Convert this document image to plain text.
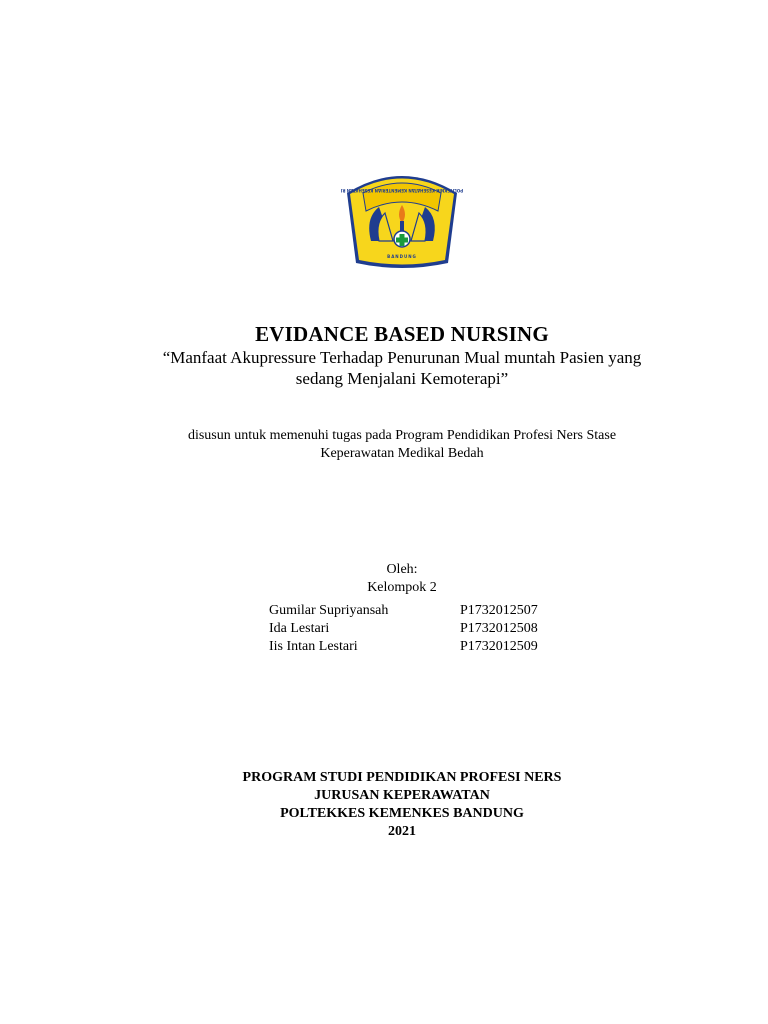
POLITEKNIK KESEHATAN KEMENTERIAN KESEHATAN RI
BANDUNG
EVIDANCE BASED NURSING
“Manfaat Akupressure Terhadap Penurunan Mual muntah Pasien yang
sedang Menjalani Kemoterapi”
disusun untuk memenuhi tugas pada Program Pendidikan Profesi Ners Stase
Keperawatan Medikal Bedah
Oleh:
Kelompok 2
Gumilar Supriyansah	P1732012507
Ida Lestari	P1732012508
Iis Intan Lestari	P1732012509
PROGRAM STUDI PENDIDIKAN PROFESI NERS
JURUSAN KEPERAWATAN
POLTEKKES KEMENKES BANDUNG
2021
